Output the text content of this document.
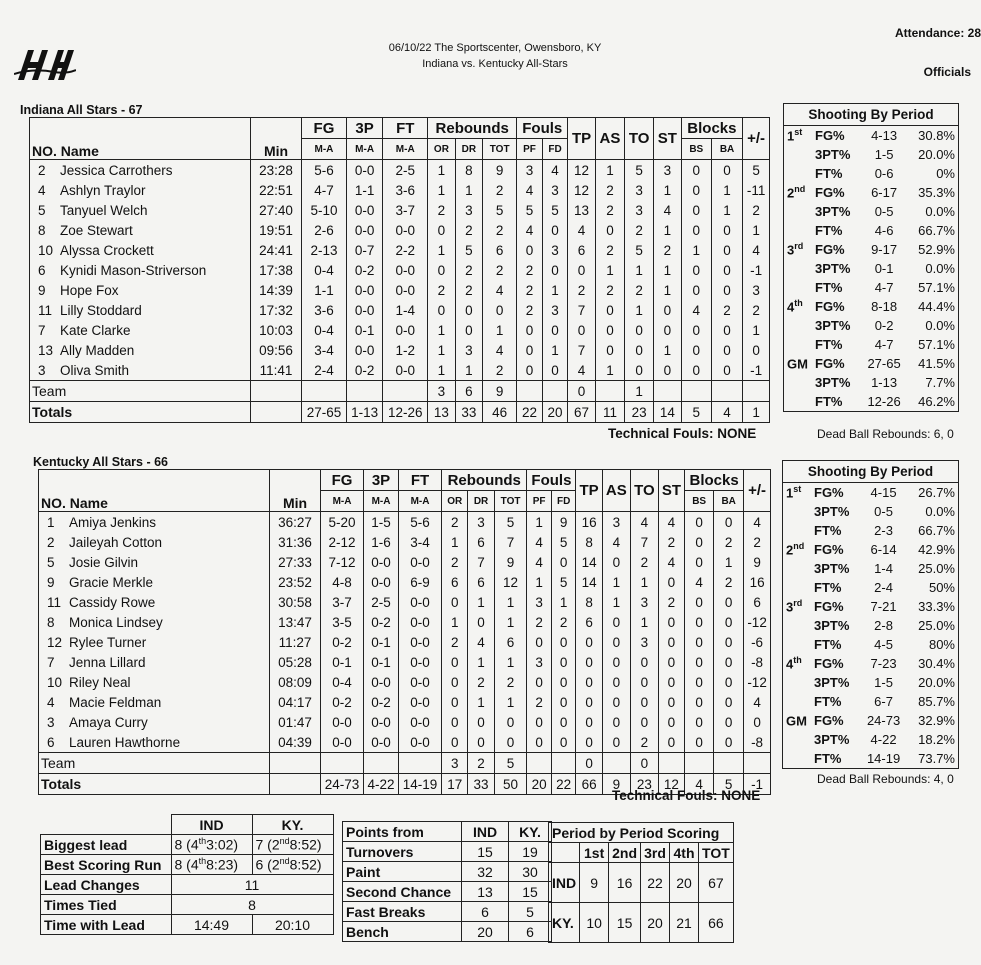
06/10/22 The Sportscenter, Owensboro, KY
Indiana vs. Kentucky All-Stars
Attendance: 28
Officials
Indiana All Stars - 67
Kentucky All Stars - 66
NO. Name	Min	FG	3P	FT	Rebounds			Fouls		TP	AS	TO	ST	Blocks		+/-
		M-A	M-A	M-A	OR	DR	TOT	PF	FD					BS	BA	
2 Jessica Carrothers	23:28	5-6	0-0	2-5	1	8	9	3	4	12	1	5	3	0	0	5
4 Ashlyn Traylor	22:51	4-7	1-1	3-6	1	1	2	4	3	12	2	3	1	0	1	-11
5 Tanyuel Welch	27:40	5-10	0-0	3-7	2	3	5	5	5	13	2	3	4	0	1	2
8 Zoe Stewart	19:51	2-6	0-0	0-0	0	2	2	4	0	4	0	2	1	0	0	1
10 Alyssa Crockett	24:41	2-13	0-7	2-2	1	5	6	0	3	6	2	5	2	1	0	4
6 Kynidi Mason-Striverson	17:38	0-4	0-2	0-0	0	2	2	2	0	0	1	1	1	0	0	-1
9 Hope Fox	14:39	1-1	0-0	0-0	2	2	4	2	1	2	2	2	1	0	0	3
11 Lilly Stoddard	17:32	3-6	0-0	1-4	0	0	0	2	3	7	0	1	0	4	2	2
7 Kate Clarke	10:03	0-4	0-1	0-0	1	0	1	0	0	0	0	0	0	0	0	1
13 Ally Madden	09:56	3-4	0-0	1-2	1	3	4	0	1	7	0	0	1	0	0	0
3 Oliva Smith	11:41	2-4	0-2	0-0	1	1	2	0	0	4	1	0	0	0	0	-1
Team					3	6	9			0		1				
Totals		27-65	1-13	12-26	13	33	46	22	20	67	11	23	14	5	4	1
Technical Fouls: NONE
NO. Name	Min	FG	3P	FT	Rebounds			Fouls		TP	AS	TO	ST	Blocks		+/-
		M-A	M-A	M-A	OR	DR	TOT	PF	FD					BS	BA	
1 Amiya Jenkins	36:27	5-20	1-5	5-6	2	3	5	1	9	16	3	4	4	0	0	4
2 Jaileyah Cotton	31:36	2-12	1-6	3-4	1	6	7	4	5	8	4	7	2	0	2	2
5 Josie Gilvin	27:33	7-12	0-0	0-0	2	7	9	4	0	14	0	2	4	0	1	9
9 Gracie Merkle	23:52	4-8	0-0	6-9	6	6	12	1	5	14	1	1	0	4	2	16
11 Cassidy Rowe	30:58	3-7	2-5	0-0	0	1	1	3	1	8	1	3	2	0	0	6
8 Monica Lindsey	13:47	3-5	0-2	0-0	1	0	1	2	2	6	0	1	0	0	0	-12
12 Rylee Turner	11:27	0-2	0-1	0-0	2	4	6	0	0	0	0	3	0	0	0	-6
7 Jenna Lillard	05:28	0-1	0-1	0-0	0	1	1	3	0	0	0	0	0	0	0	-8
10 Riley Neal	08:09	0-4	0-0	0-0	0	2	2	0	0	0	0	0	0	0	0	-12
4 Macie Feldman	04:17	0-2	0-2	0-0	0	1	1	2	0	0	0	0	0	0	0	4
3 Amaya Curry	01:47	0-0	0-0	0-0	0	0	0	0	0	0	0	0	0	0	0	0
6 Lauren Hawthorne	04:39	0-0	0-0	0-0	0	0	0	0	0	0	0	2	0	0	0	-8
Team					3	2	5			0		0				
Totals		24-73	4-22	14-19	17	33	50	20	22	66	9	23	12	4	5	-1
Technical Fouls: NONE
Shooting By Period			
1st	FG%	4-13	30.8%
	3PT%	1-5	20.0%
	FT%	0-6	0%
2nd	FG%	6-17	35.3%
	3PT%	0-5	0.0%
	FT%	4-6	66.7%
3rd	FG%	9-17	52.9%
	3PT%	0-1	0.0%
	FT%	4-7	57.1%
4th	FG%	8-18	44.4%
	3PT%	0-2	0.0%
	FT%	4-7	57.1%
GM	FG%	27-65	41.5%
	3PT%	1-13	7.7%
	FT%	12-26	46.2%
Dead Ball Rebounds: 6, 0
Shooting By Period			
1st	FG%	4-15	26.7%
	3PT%	0-5	0.0%
	FT%	2-3	66.7%
2nd	FG%	6-14	42.9%
	3PT%	1-4	25.0%
	FT%	2-4	50%
3rd	FG%	7-21	33.3%
	3PT%	2-8	25.0%
	FT%	4-5	80%
4th	FG%	7-23	30.4%
	3PT%	1-5	20.0%
	FT%	6-7	85.7%
GM	FG%	24-73	32.9%
	3PT%	4-22	18.2%
	FT%	14-19	73.7%
Dead Ball Rebounds: 4, 0
	IND	KY.
Biggest lead	8 (4th3:02)	7 (2nd8:52)
Best Scoring Run	8 (4th8:23)	6 (2nd8:52)
Lead Changes	11	
Times Tied	8	
Time with Lead	14:49	20:10
Points from	IND	KY.
Turnovers	15	19
Paint	32	30
Second Chance	13	15
Fast Breaks	6	5
Bench	20	6
Period by Period Scoring					
	1st	2nd	3rd	4th	TOT
IND	9	16	22	20	67
KY.	10	15	20	21	66
